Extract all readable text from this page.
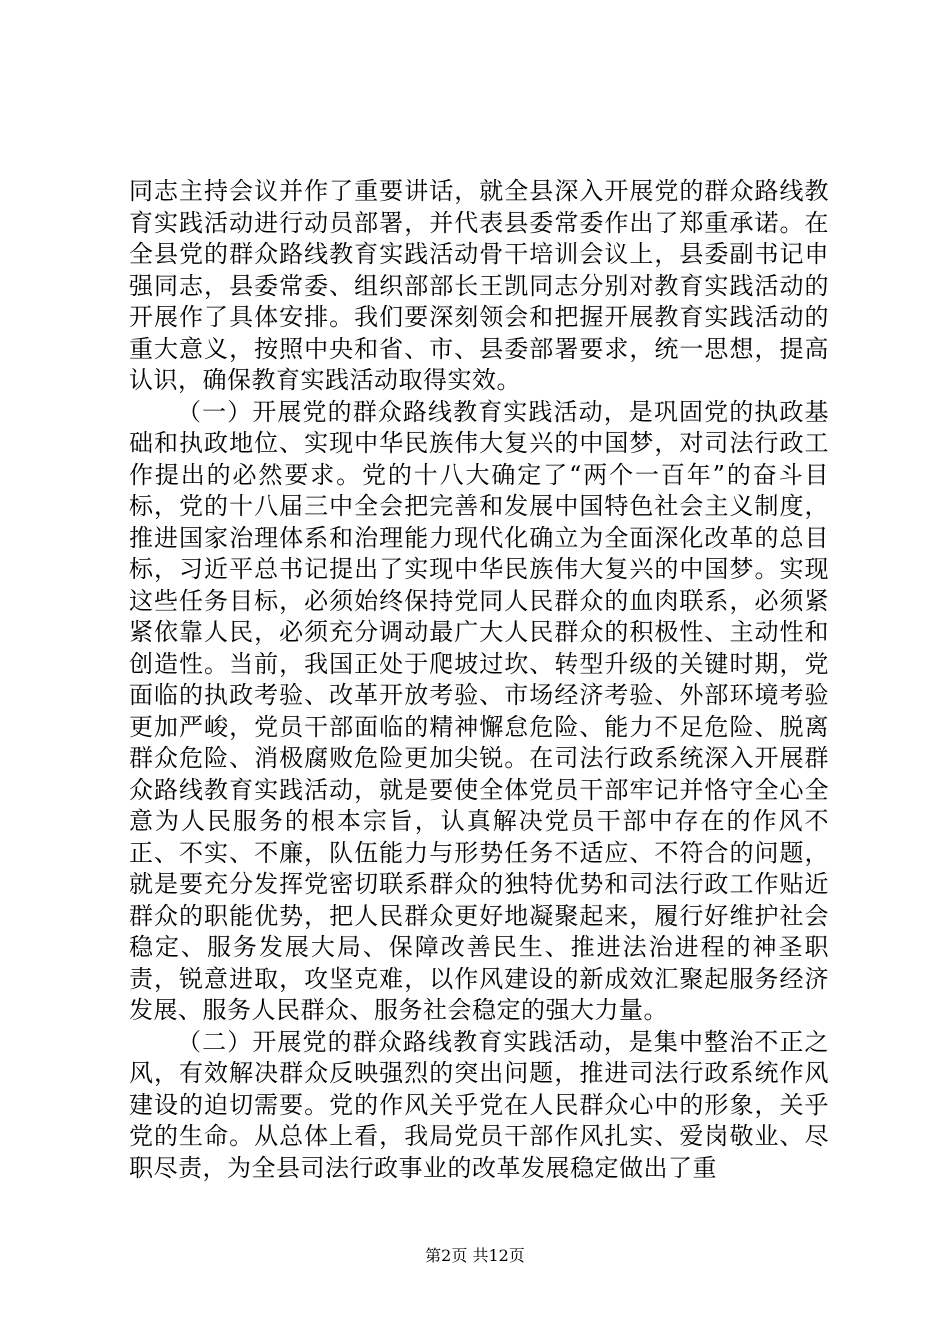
同志主持会议并作了重要讲话，就全县深入开展党的群众路线教育实践活动进行动员部署，并代表县委常委作出了郑重承诺。在全县党的群众路线教育实践活动骨干培训会议上，县委副书记申强同志，县委常委、组织部部长王凯同志分别对教育实践活动的开展作了具体安排。我们要深刻领会和把握开展教育实践活动的重大意义，按照中央和省、市、县委部署要求，统一思想，提高认识，确保教育实践活动取得实效。

（一）开展党的群众路线教育实践活动，是巩固党的执政基础和执政地位、实现中华民族伟大复兴的中国梦，对司法行政工作提出的必然要求。党的十八大确定了“两个一百年”的奋斗目标，党的十八届三中全会把完善和发展中国特色社会主义制度，推进国家治理体系和治理能力现代化确立为全面深化改革的总目标，习近平总书记提出了实现中华民族伟大复兴的中国梦。实现这些任务目标，必须始终保持党同人民群众的血肉联系，必须紧紧依靠人民，必须充分调动最广大人民群众的积极性、主动性和创造性。当前，我国正处于爬坡过坎、转型升级的关键时期，党面临的执政考验、改革开放考验、市场经济考验、外部环境考验更加严峻，党员干部面临的精神懈怠危险、能力不足危险、脱离群众危险、消极腐败危险更加尖锐。在司法行政系统深入开展群众路线教育实践活动，就是要使全体党员干部牢记并恪守全心全意为人民服务的根本宗旨，认真解决党员干部中存在的作风不正、不实、不廉，队伍能力与形势任务不适应、不符合的问题，就是要充分发挥党密切联系群众的独特优势和司法行政工作贴近群众的职能优势，把人民群众更好地凝聚起来，履行好维护社会稳定、服务发展大局、保障改善民生、推进法治进程的神圣职责，锐意进取，攻坚克难，以作风建设的新成效汇聚起服务经济发展、服务人民群众、服务社会稳定的强大力量。

（二）开展党的群众路线教育实践活动，是集中整治不正之风，有效解决群众反映强烈的突出问题，推进司法行政系统作风建设的迫切需要。党的作风关乎党在人民群众心中的形象，关乎党的生命。从总体上看，我局党员干部作风扎实、爱岗敬业、尽职尽责，为全县司法行政事业的改革发展稳定做出了重

第2页 共12页
